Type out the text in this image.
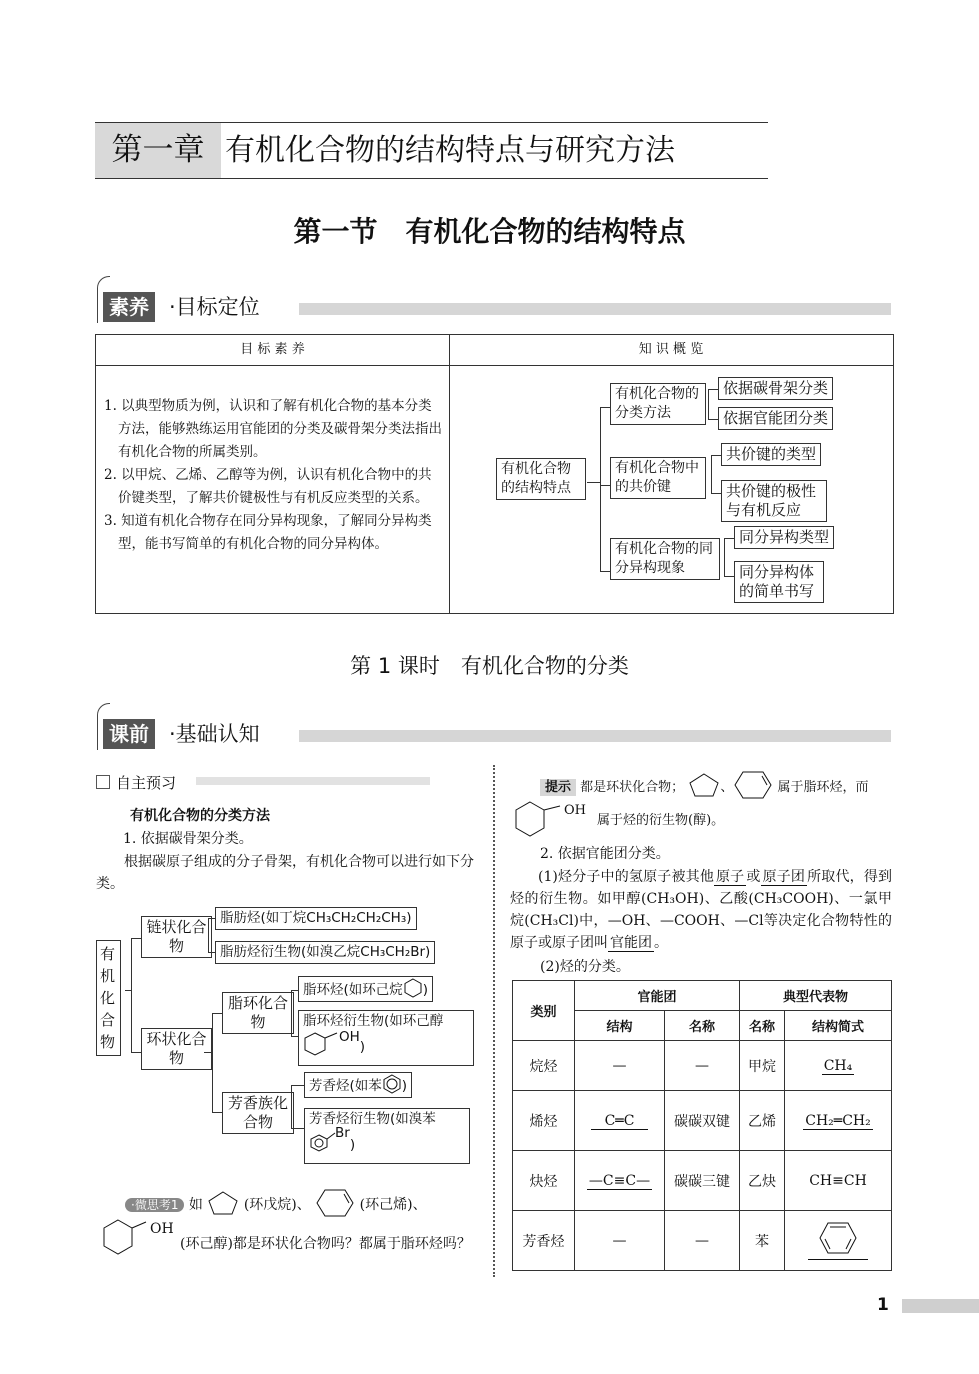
第一章 有机化合物的结构特点与研究方法
第一节　有机化合物的结构特点
素养 ·目标定位
目 标 素 养	知 识 概 览
1. 以典型物质为例，认识和了解有机化合物的基本分类方法，能够熟练运用官能团的分类及碳骨架分类法指出有机化合物的所属类别。
2. 以甲烷、乙烯、乙醇等为例，认识有机化合物中的共价键类型，了解共价键极性与有机反应类型的关系。
3. 知道有机化合物存在同分异构现象，了解同分异构类型，能书写简单的有机化合物的同分异构体。
有机化合物的结构特点
有机化合物的分类方法
有机化合物中的共价键
有机化合物的同分异构现象
依据碳骨架分类
依据官能团分类
共价键的类型
共价键的极性与有机反应
同分异构类型
同分异构体的简单书写
第 1 课时　有机化合物的分类
课前 ·基础认知
自主预习
有机化合物的分类方法
1. 依据碳骨架分类。
根据碳原子组成的分子骨架，有机化合物可以进行如下分类。
有机化合物
链状化合物
脂肪烃(如丁烷CH₃CH₂CH₂CH₃)
脂肪烃衍生物(如溴乙烷CH₃CH₂Br)
环状化合物
脂环化合物
脂环烃(如环己烷 )
脂环烃衍生物(如环己醇
OH)
芳香族化合物
芳香烃(如苯 )
芳香烃衍生物(如溴苯
Br)
·微思考1 如	(环戊烷)、	(环己烯)、
OH
(环己醇)都是环状化合物吗？都属于脂环烃吗？
提示 都是环状化合物；	、	属于脂环烃，而
OH
属于烃的衍生物(醇)。
2. 依据官能团分类。
(1)烃分子中的氢原子被其他 原子 或 原子团 所取代，得到烃的衍生物。如甲醇(CH₃OH)、乙酸(CH₃COOH)、一氯甲烷(CH₃Cl)中，—OH、—COOH、—Cl等决定化合物特性的原子或原子团叫 官能团 。
(2)烃的分类。
类别	官能团		典型代表物	
	结构	名称	名称	结构简式
烷烃	—	—	甲烷	CH₄
烯烃	C═C	碳碳双键	乙烯	CH₂═CH₂
炔烃	—C≡C—	碳碳三键	乙炔	CH≡CH
芳香烃	—	—	苯	
1
